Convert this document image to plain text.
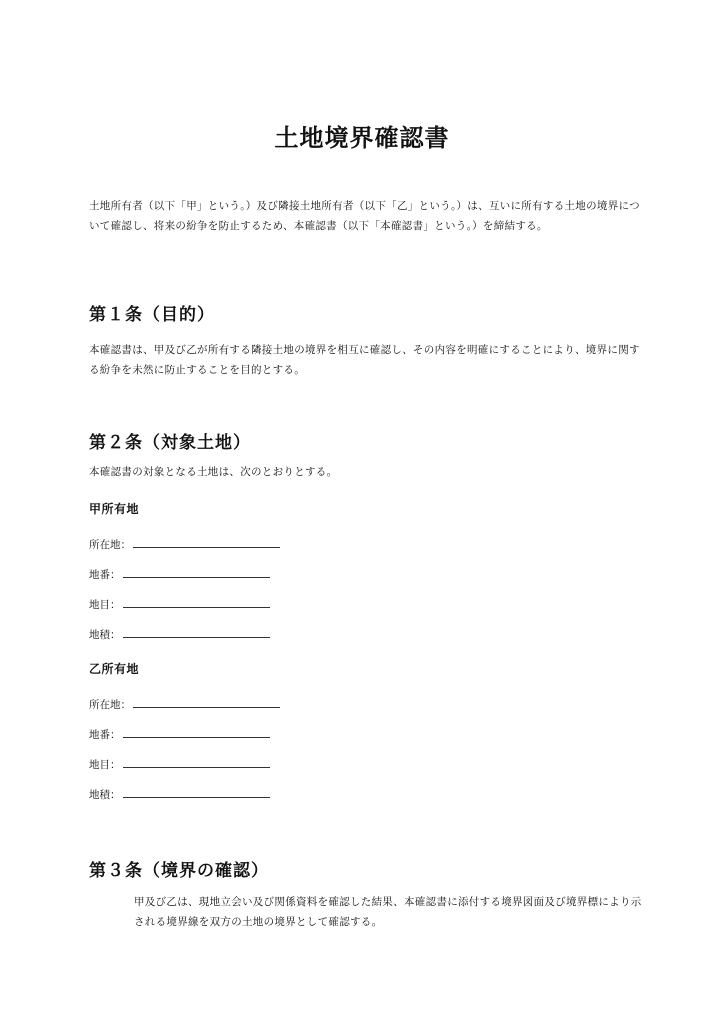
土地境界確認書

土地所有者（以下「甲」という。）及び隣接土地所有者（以下「乙」という。）は、互いに所有する土地の境界について確認し、将来の紛争を防止するため、本確認書（以下「本確認書」という。）を締結する。

第１条（目的）

本確認書は、甲及び乙が所有する隣接土地の境界を相互に確認し、その内容を明確にすることにより、境界に関する紛争を未然に防止することを目的とする。

第２条（対象土地）

本確認書の対象となる土地は、次のとおりとする。

甲所有地
所在地：
地番：
地目：
地積：
乙所有地
所在地：
地番：
地目：
地積：
第３条（境界の確認）

甲及び乙は、現地立会い及び関係資料を確認した結果、本確認書に添付する境界図面及び境界標により示される境界線を双方の土地の境界として確認する。
